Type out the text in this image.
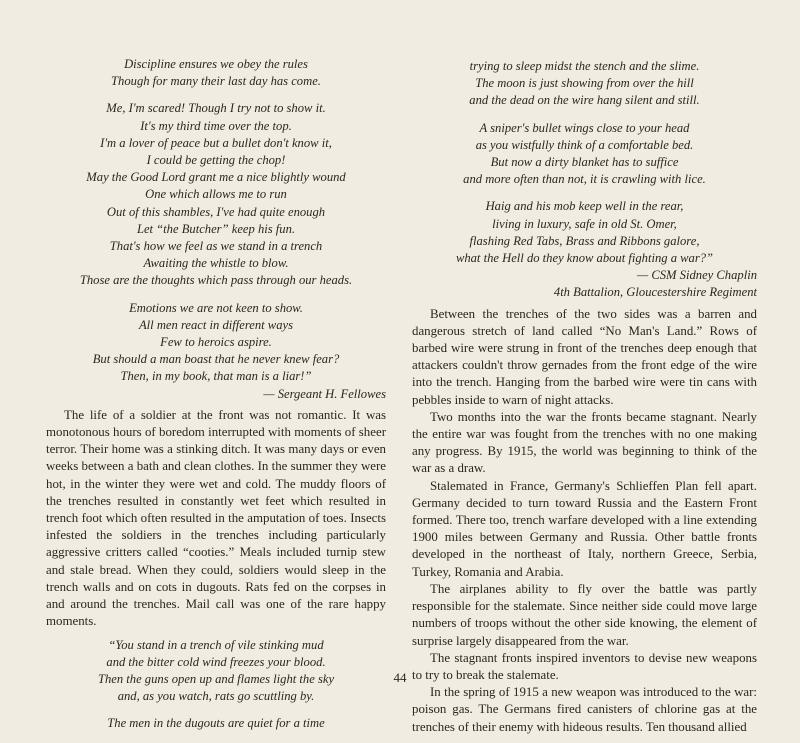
Discipline ensures we obey the rules
Though for many their last day has come.
Me, I'm scared! Though I try not to show it.
It's my third time over the top.
I'm a lover of peace but a bullet don't know it,
I could be getting the chop!
May the Good Lord grant me a nice blightly wound
One which allows me to run
Out of this shambles, I've had quite enough
Let “the Butcher” keep his fun.
That's how we feel as we stand in a trench
Awaiting the whistle to blow.
Those are the thoughts which pass through our heads.
Emotions we are not keen to show.
All men react in different ways
Few to heroics aspire.
But should a man boast that he never knew fear?
Then, in my book, that man is a liar!”
— Sergeant H. Fellowes

The life of a soldier at the front was not romantic. It was monotonous hours of boredom interrupted with moments of sheer terror. Their home was a stinking ditch. It was many days or even weeks between a bath and clean clothes. In the summer they were hot, in the winter they were wet and cold. The muddy floors of the trenches resulted in constantly wet feet which resulted in trench foot which often resulted in the amputation of toes. Insects infested the soldiers in the trenches including particularly aggressive critters called “cooties.” Meals included turnip stew and stale bread. When they could, soldiers would sleep in the trench walls and on cots in dugouts. Rats fed on the corpses in and around the trenches. Mail call was one of the rare happy moments.

“You stand in a trench of vile stinking mud
and the bitter cold wind freezes your blood.
Then the guns open up and flames light the sky
and, as you watch, rats go scuttling by.
The men in the dugouts are quiet for a time
trying to sleep midst the stench and the slime.
The moon is just showing from over the hill
and the dead on the wire hang silent and still.
A sniper's bullet wings close to your head
as you wistfully think of a comfortable bed.
But now a dirty blanket has to suffice
and more often than not, it is crawling with lice.
Haig and his mob keep well in the rear,
living in luxury, safe in old St. Omer,
flashing Red Tabs, Brass and Ribbons galore,
what the Hell do they know about fighting a war?”
— CSM Sidney Chaplin
4th Battalion, Gloucestershire Regiment

Between the trenches of the two sides was a barren and dangerous stretch of land called “No Man's Land.” Rows of barbed wire were strung in front of the trenches deep enough that attackers couldn't throw gernades from the front edge of the wire into the trench. Hanging from the barbed wire were tin cans with pebbles inside to warn of night attacks.

Two months into the war the fronts became stagnant. Nearly the entire war was fought from the trenches with no one making any progress. By 1915, the world was beginning to think of the war as a draw.

Stalemated in France, Germany's Schlieffen Plan fell apart. Germany decided to turn toward Russia and the Eastern Front formed. There too, trench warfare developed with a line extending 1900 miles between Germany and Russia. Other battle fronts developed in the northeast of Italy, northern Greece, Serbia, Turkey, Romania and Arabia.

The airplanes ability to fly over the battle was partly responsible for the stalemate. Since neither side could move large numbers of troops without the other side knowing, the element of surprise largely disappeared from the war.

The stagnant fronts inspired inventors to devise new weapons to try to break the stalemate.

In the spring of 1915 a new weapon was introduced to the war: poison gas. The Germans fired canisters of chlorine gas at the trenches of their enemy with hideous results. Ten thousand allied

44
